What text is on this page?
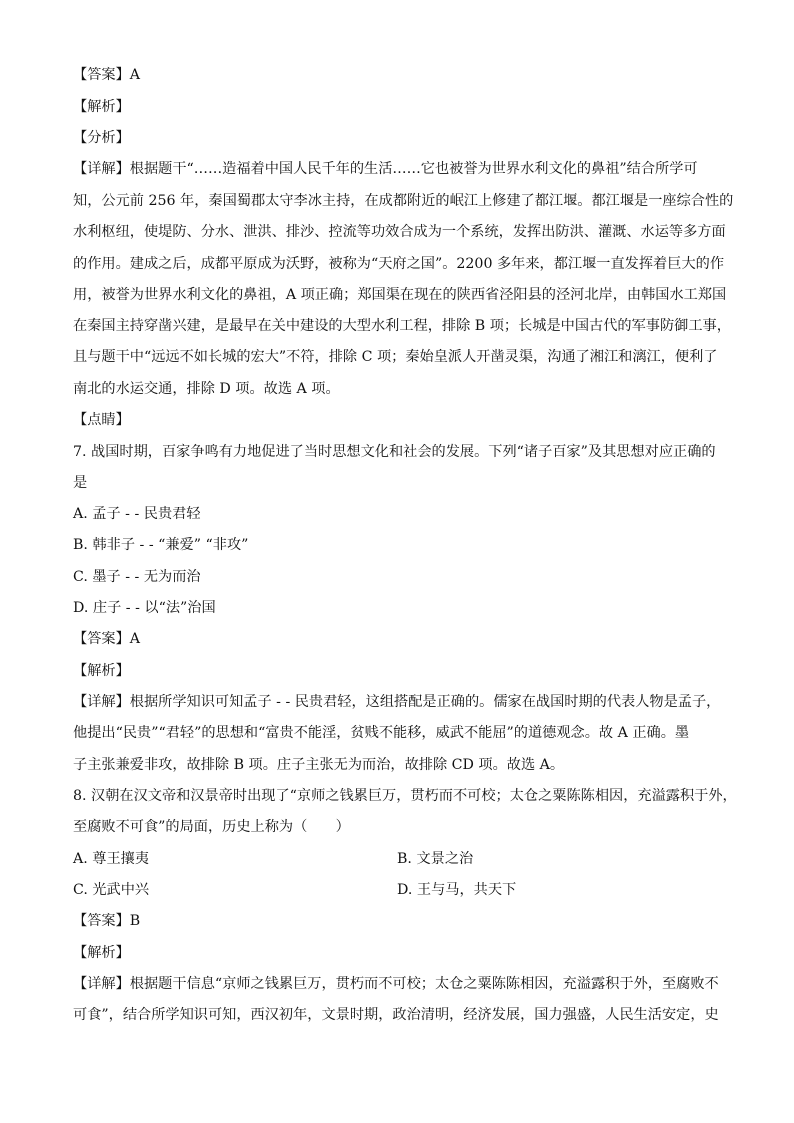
【答案】A
【解析】
【分析】
【详解】根据题干“……造福着中国人民千年的生活……它也被誉为世界水利文化的鼻祖”结合所学可
知，公元前 256 年，秦国蜀郡太守李冰主持，在成都附近的岷江上修建了都江堰。都江堰是一座综合性的
水利枢纽，使堤防、分水、泄洪、排沙、控流等功效合成为一个系统，发挥出防洪、灌溉、水运等多方面
的作用。建成之后，成都平原成为沃野，被称为“天府之国”。2200 多年来，都江堰一直发挥着巨大的作
用，被誉为世界水利文化的鼻祖，A 项正确；郑国渠在现在的陕西省泾阳县的泾河北岸，由韩国水工郑国
在秦国主持穿凿兴建，是最早在关中建设的大型水利工程，排除 B 项；长城是中国古代的军事防御工事，
且与题干中“远远不如长城的宏大”不符，排除 C 项；秦始皇派人开凿灵渠，沟通了湘江和漓江，便利了
南北的水运交通，排除 D 项。故选 A 项。
【点睛】
7. 战国时期，百家争鸣有力地促进了当时思想文化和社会的发展。下列“诸子百家”及其思想对应正确的
是
A. 孟子 - - 民贵君轻
B. 韩非子 - - “兼爱” “非攻”
C. 墨子 - - 无为而治
D. 庄子 - - 以“法”治国
【答案】A
【解析】
【详解】根据所学知识可知孟子 - - 民贵君轻，这组搭配是正确的。儒家在战国时期的代表人物是孟子，
他提出“民贵”“君轻”的思想和“富贵不能淫，贫贱不能移，威武不能屈”的道德观念。故 A 正确。墨
子主张兼爱非攻，故排除 B 项。庄子主张无为而治，故排除 CD 项。故选 A。
8. 汉朝在汉文帝和汉景帝时出现了“京师之钱累巨万，贯朽而不可校；太仓之粟陈陈相因，充溢露积于外，
至腐败不可食”的局面，历史上称为（　　）
A. 尊王攘夷	B. 文景之治
C. 光武中兴	D. 王与马，共天下
【答案】B
【解析】
【详解】根据题干信息“京师之钱累巨万，贯朽而不可校；太仓之粟陈陈相因，充溢露积于外，至腐败不
可食”，结合所学知识可知，西汉初年，文景时期，政治清明，经济发展，国力强盛，人民生活安定，史
